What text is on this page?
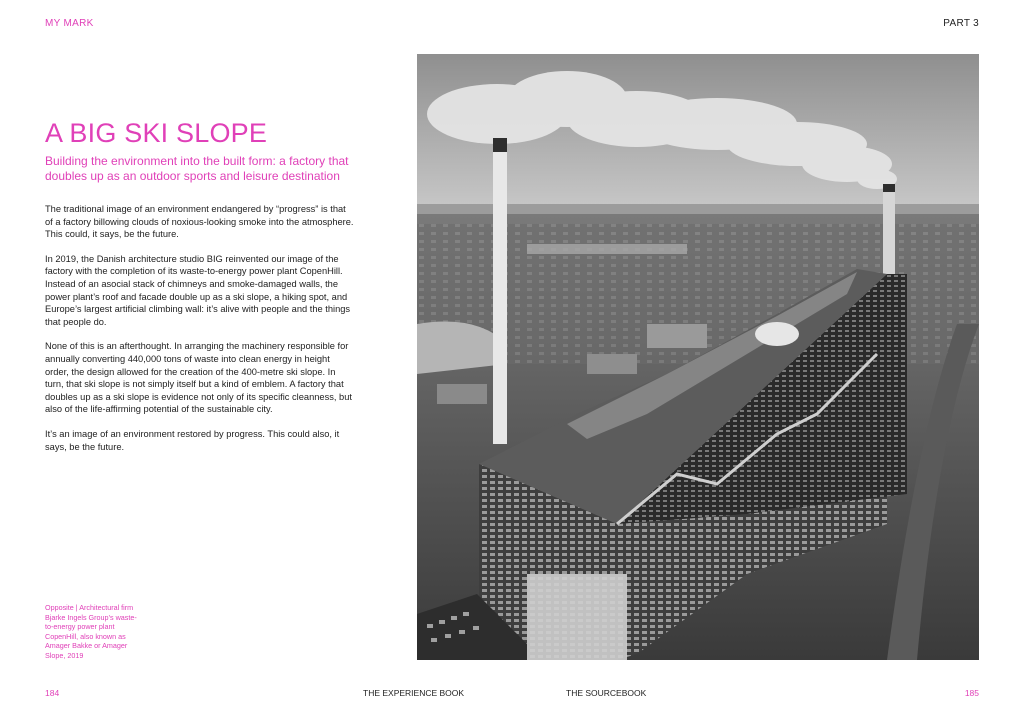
MY MARK	PART 3
A BIG SKI SLOPE
Building the environment into the built form: a factory that doubles up as an outdoor sports and leisure destination

The traditional image of an environment endangered by “progress” is that of a factory billowing clouds of noxious-looking smoke into the atmosphere. This could, it says, be the future.

In 2019, the Danish architecture studio BIG reinvented our image of the factory with the completion of its waste-to-energy power plant CopenHill. Instead of an asocial stack of chimneys and smoke-damaged walls, the power plant’s roof and facade double up as a ski slope, a hiking spot, and Europe’s largest artificial climbing wall: it’s alive with people and the things that people do.

None of this is an afterthought. In arranging the machinery responsible for annually converting 440,000 tons of waste into clean energy in height order, the design allowed for the creation of the 400-metre ski slope. In turn, that ski slope is not simply itself but a kind of emblem. A factory that doubles up as a ski slope is evidence not only of its specific cleanness, but also of the life-affirming potential of the sustainable city.

It’s an image of an environment restored by progress. This could also, it says, be the future.

Opposite | Architectural firm Bjarke Ingels Group’s waste-to-energy power plant CopenHill, also known as Amager Bakke or Amager Slope, 2019
184	THE EXPERIENCE BOOK	THE SOURCEBOOK	185
